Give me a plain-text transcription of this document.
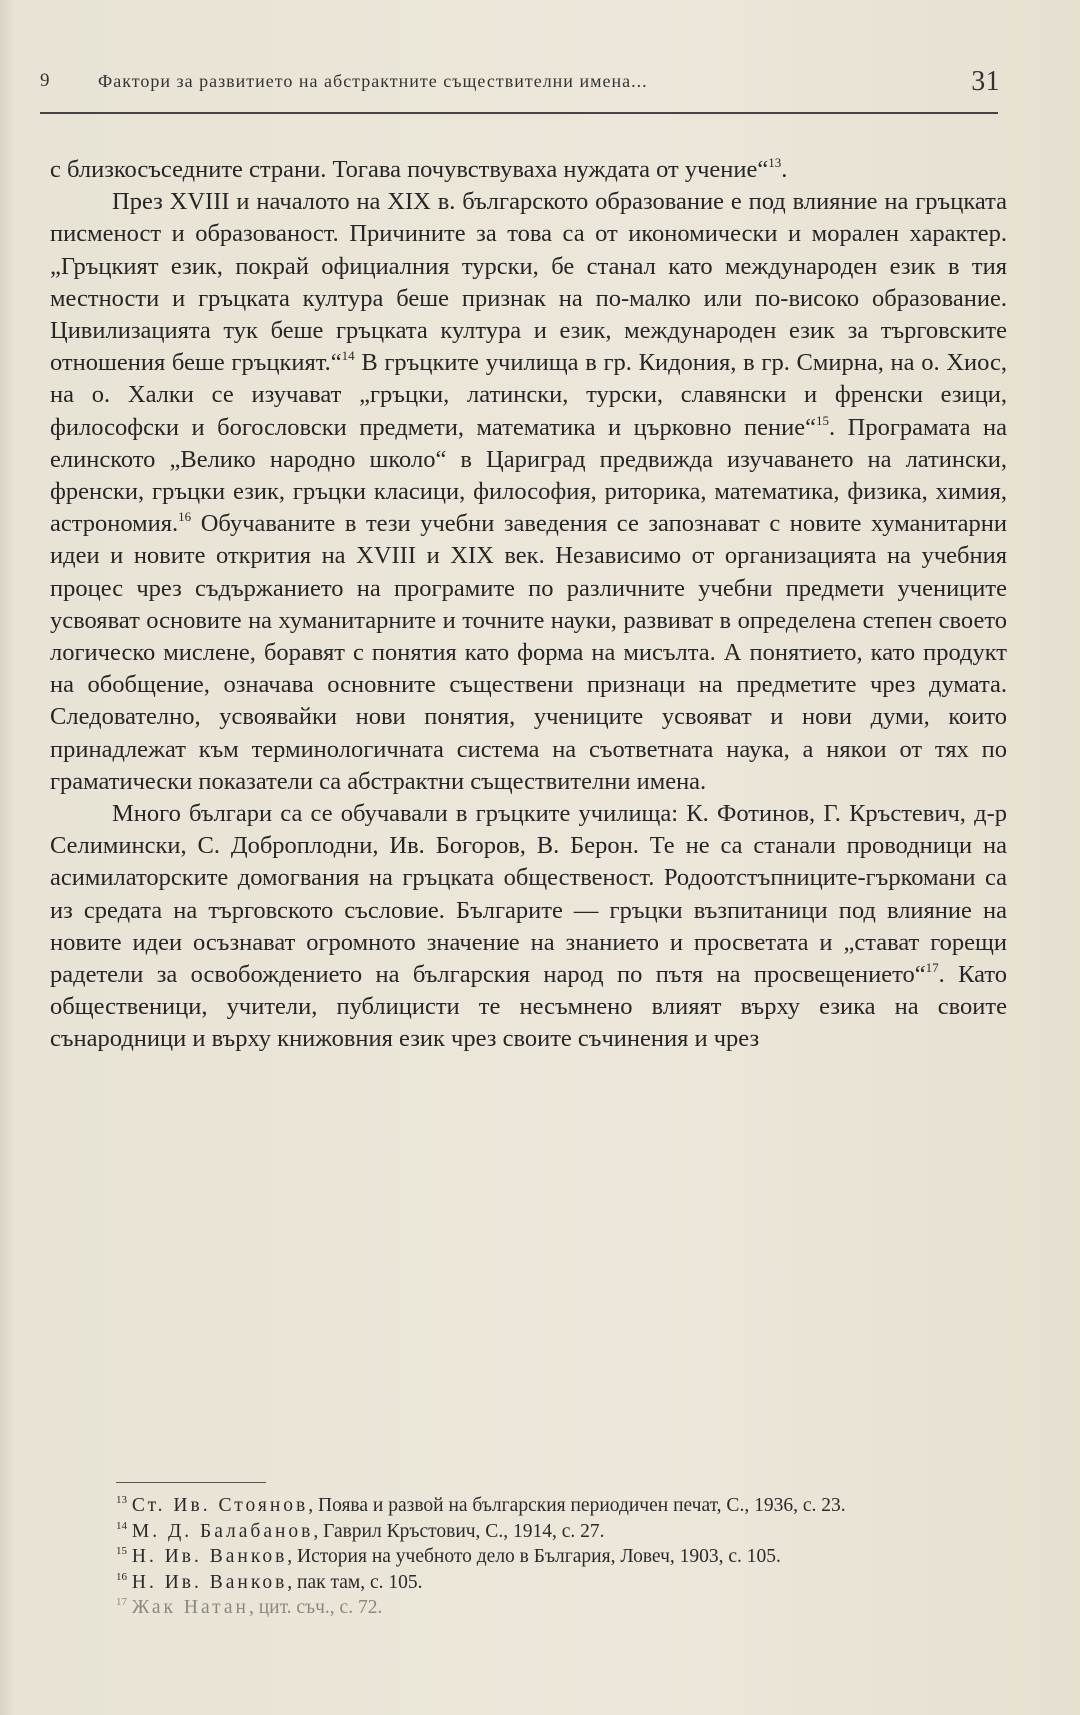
9	Фактори за развитието на абстрактните съществителни имена...	31

с близкосъседните страни. Тогава почувствуваха нуждата от учение“$^{13}$.

През XVIII и началото на XIX в. българското образование е под влияние на гръцката писменост и образованост. Причините за това са от икономически и морален характер. „Гръцкият език, покрай официалния турски, бе станал като международен език в тия местности и гръцката култура беше признак на по-малко или по-високо образование. Цивилизацията тук беше гръцката култура и език, международен език за търговските отношения беше гръцкият.“$^{14}$ В гръцките училища в гр. Кидония, в гр. Смирна, на о. Хиос, на о. Халки се изучават „гръцки, латински, турски, славянски и френски езици, философски и богословски предмети, математика и църковно пение“$^{15}$. Програмата на елинското „Велико народно школо“ в Цариград предвижда изучаването на латински, френски, гръцки език, гръцки класици, философия, риторика, математика, физика, химия, астрономия.$^{16}$ Обучаваните в тези учебни заведения се запознават с новите хуманитарни идеи и новите открития на XVIII и XIX век. Независимо от организацията на учебния процес чрез съдържанието на програмите по различните учебни предмети учениците усвояват основите на хуманитарните и точните науки, развиват в определена степен своето логическо мислене, боравят с понятия като форма на мисълта. А понятието, като продукт на обобщение, означава основните съществени признаци на предметите чрез думата. Следователно, усвоявайки нови понятия, учениците усвояват и нови думи, които принадлежат към терминологичната система на съответната наука, а някои от тях по граматически показатели са абстрактни съществителни имена.

Много българи са се обучавали в гръцките училища: К. Фотинов, Г. Кръстевич, д-р Селимински, С. Доброплодни, Ив. Богоров, В. Берон. Те не са станали проводници на асимилаторските домогвания на гръцката общественост. Родоотстъпниците-гъркомани са из средата на търговското съсловие. Българите — гръцки възпитаници под влияние на новите идеи осъзнават огромното значение на знанието и просветата и „стават горещи радетели за освобождението на българския народ по пътя на просвещението“$^{17}$. Като общественици, учители, публицисти те несъмнено влияят върху езика на своите сънародници и върху книжовния език чрез своите съчинения и чрез

$^{13}$ Ст. Ив. Стоянов, Поява и развой на българския периодичен печат, С., 1936, с. 23.

$^{14}$ М. Д. Балабанов, Гаврил Кръстович, С., 1914, с. 27.

$^{15}$ Н. Ив. Ванков, История на учебното дело в България, Ловеч, 1903, с. 105.

$^{16}$ Н. Ив. Ванков, пак там, с. 105.

$^{17}$ Жак Натан, цит. съч., с. 72.
